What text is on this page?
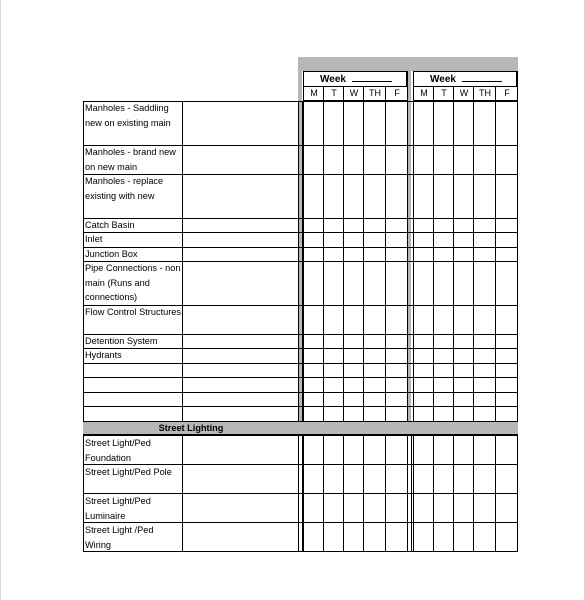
Week
M	T	W	TH	F
Week
M	T	W	TH	F
Manholes - Saddling new on existing main
Manholes - brand new on new main
Manholes - replace existing with new
Catch Basin
Inlet
Junction Box
Pipe Connections - non main (Runs and connections)
Flow Control Structures
Detention System
Hydrants
Street Lighting
Street Light/Ped Foundation
Street Light/Ped Pole
Street Light/Ped Luminaire
Street Light /Ped Wiring
